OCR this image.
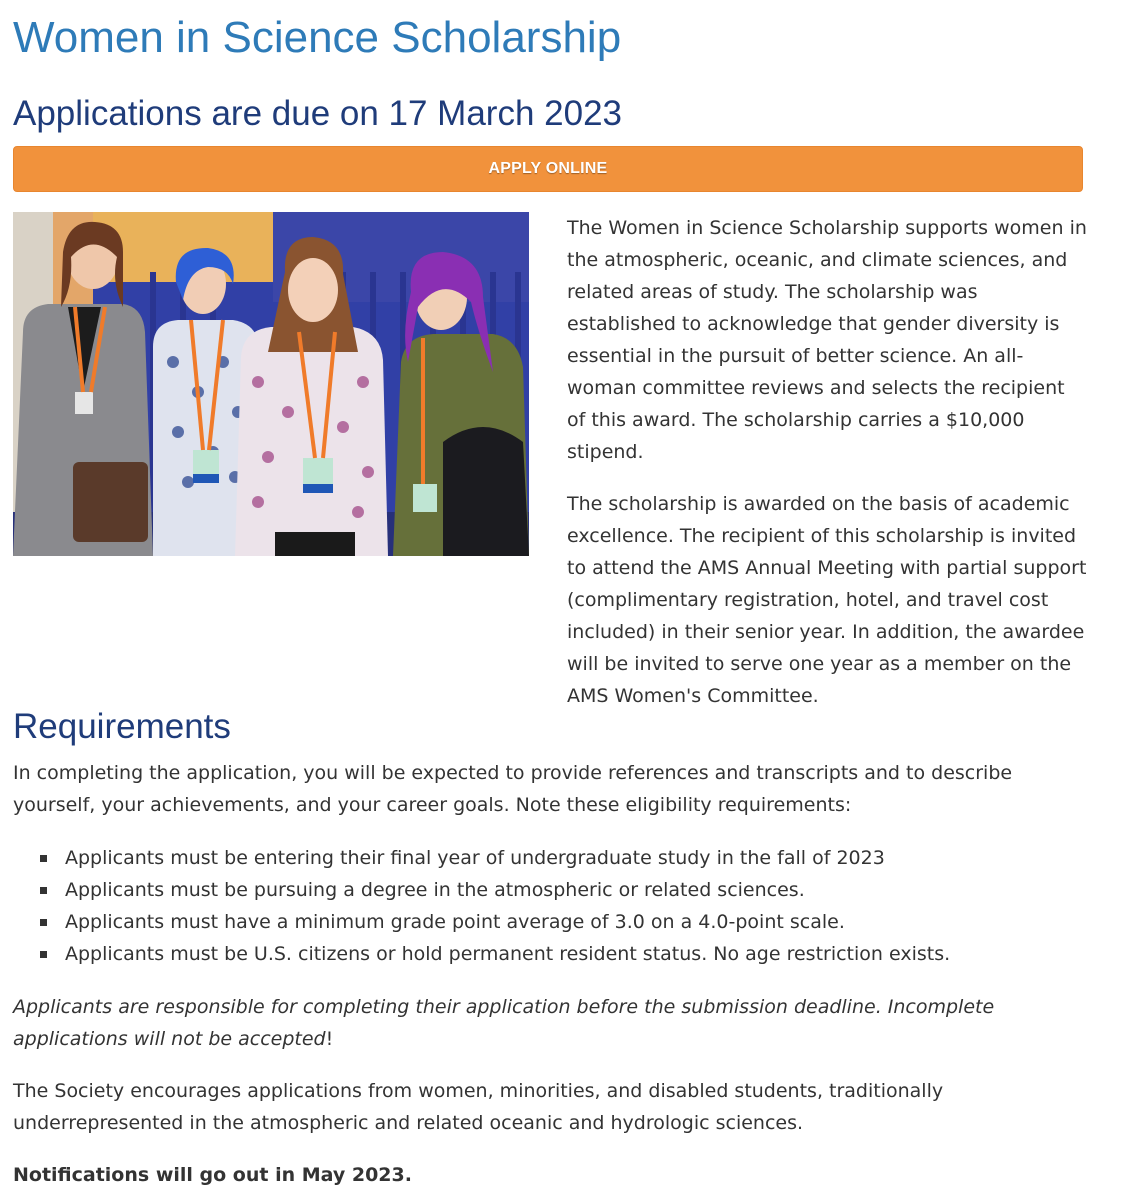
Women in Science Scholarship
Applications are due on 17 March 2023
APPLY ONLINE

The Women in Science Scholarship supports women in the atmospheric, oceanic, and climate sciences, and related areas of study. The scholarship was established to acknowledge that gender diversity is essential in the pursuit of better science. An all-woman committee reviews and selects the recipient of this award. The scholarship carries a $10,000 stipend.

The scholarship is awarded on the basis of academic excellence. The recipient of this scholarship is invited to attend the AMS Annual Meeting with partial support (complimentary registration, hotel, and travel cost included) in their senior year. In addition, the awardee will be invited to serve one year as a member on the AMS Women's Committee.

Requirements

In completing the application, you will be expected to provide references and transcripts and to describe yourself, your achievements, and your career goals. Note these eligibility requirements:

Applicants must be entering their final year of undergraduate study in the fall of 2023
Applicants must be pursuing a degree in the atmospheric or related sciences.
Applicants must have a minimum grade point average of 3.0 on a 4.0-point scale.
Applicants must be U.S. citizens or hold permanent resident status. No age restriction exists.

Applicants are responsible for completing their application before the submission deadline. Incomplete applications will not be accepted!

The Society encourages applications from women, minorities, and disabled students, traditionally underrepresented in the atmospheric and related oceanic and hydrologic sciences.

Notifications will go out in May 2023.
